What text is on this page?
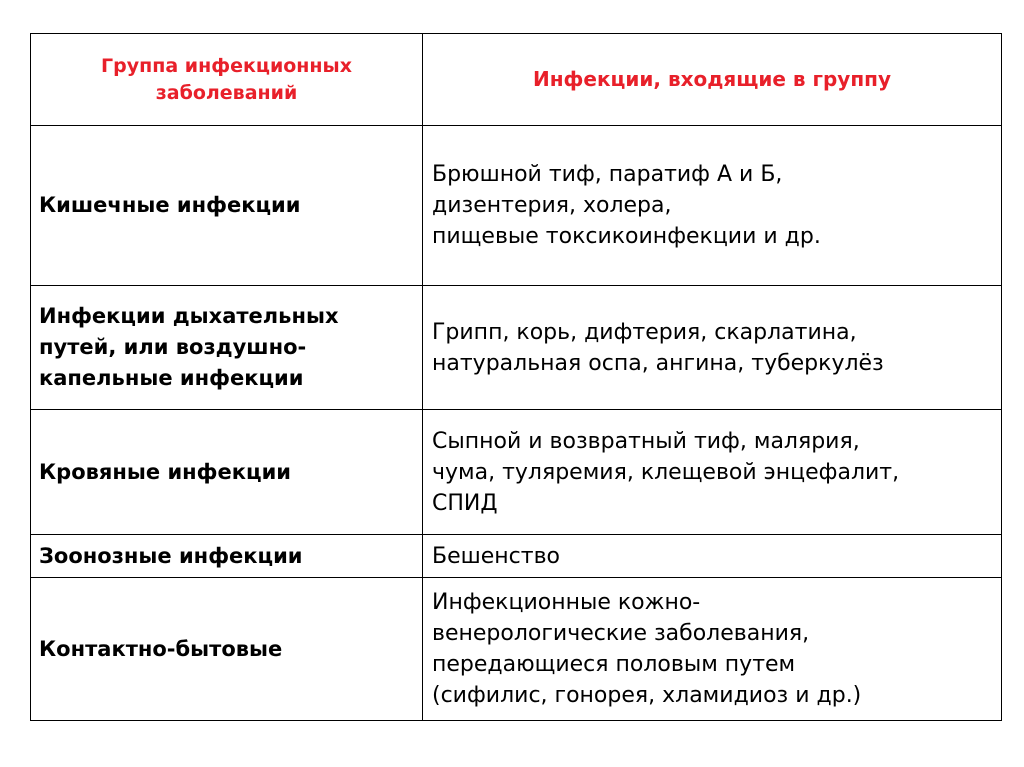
Группа инфекционных
заболеваний	Инфекции, входящие в группу

Кишечные инфекции	Брюшной тиф, паратиф А и Б,
дизентерия, холера,
пищевые токсикоинфекции и др.

Инфекции дыхательных
путей, или воздушно-
капельные инфекции	Грипп, корь, дифтерия, скарлатина,
натуральная оспа, ангина, туберкулёз

Кровяные инфекции	Сыпной и возвратный тиф, малярия,
чума, туляремия, клещевой энцефалит,
СПИД

Зоонозные инфекции	Бешенство

Контактно-бытовые	Инфекционные кожно-
венерологические заболевания,
передающиеся половым путем
(сифилис, гонорея, хламидиоз и др.)
